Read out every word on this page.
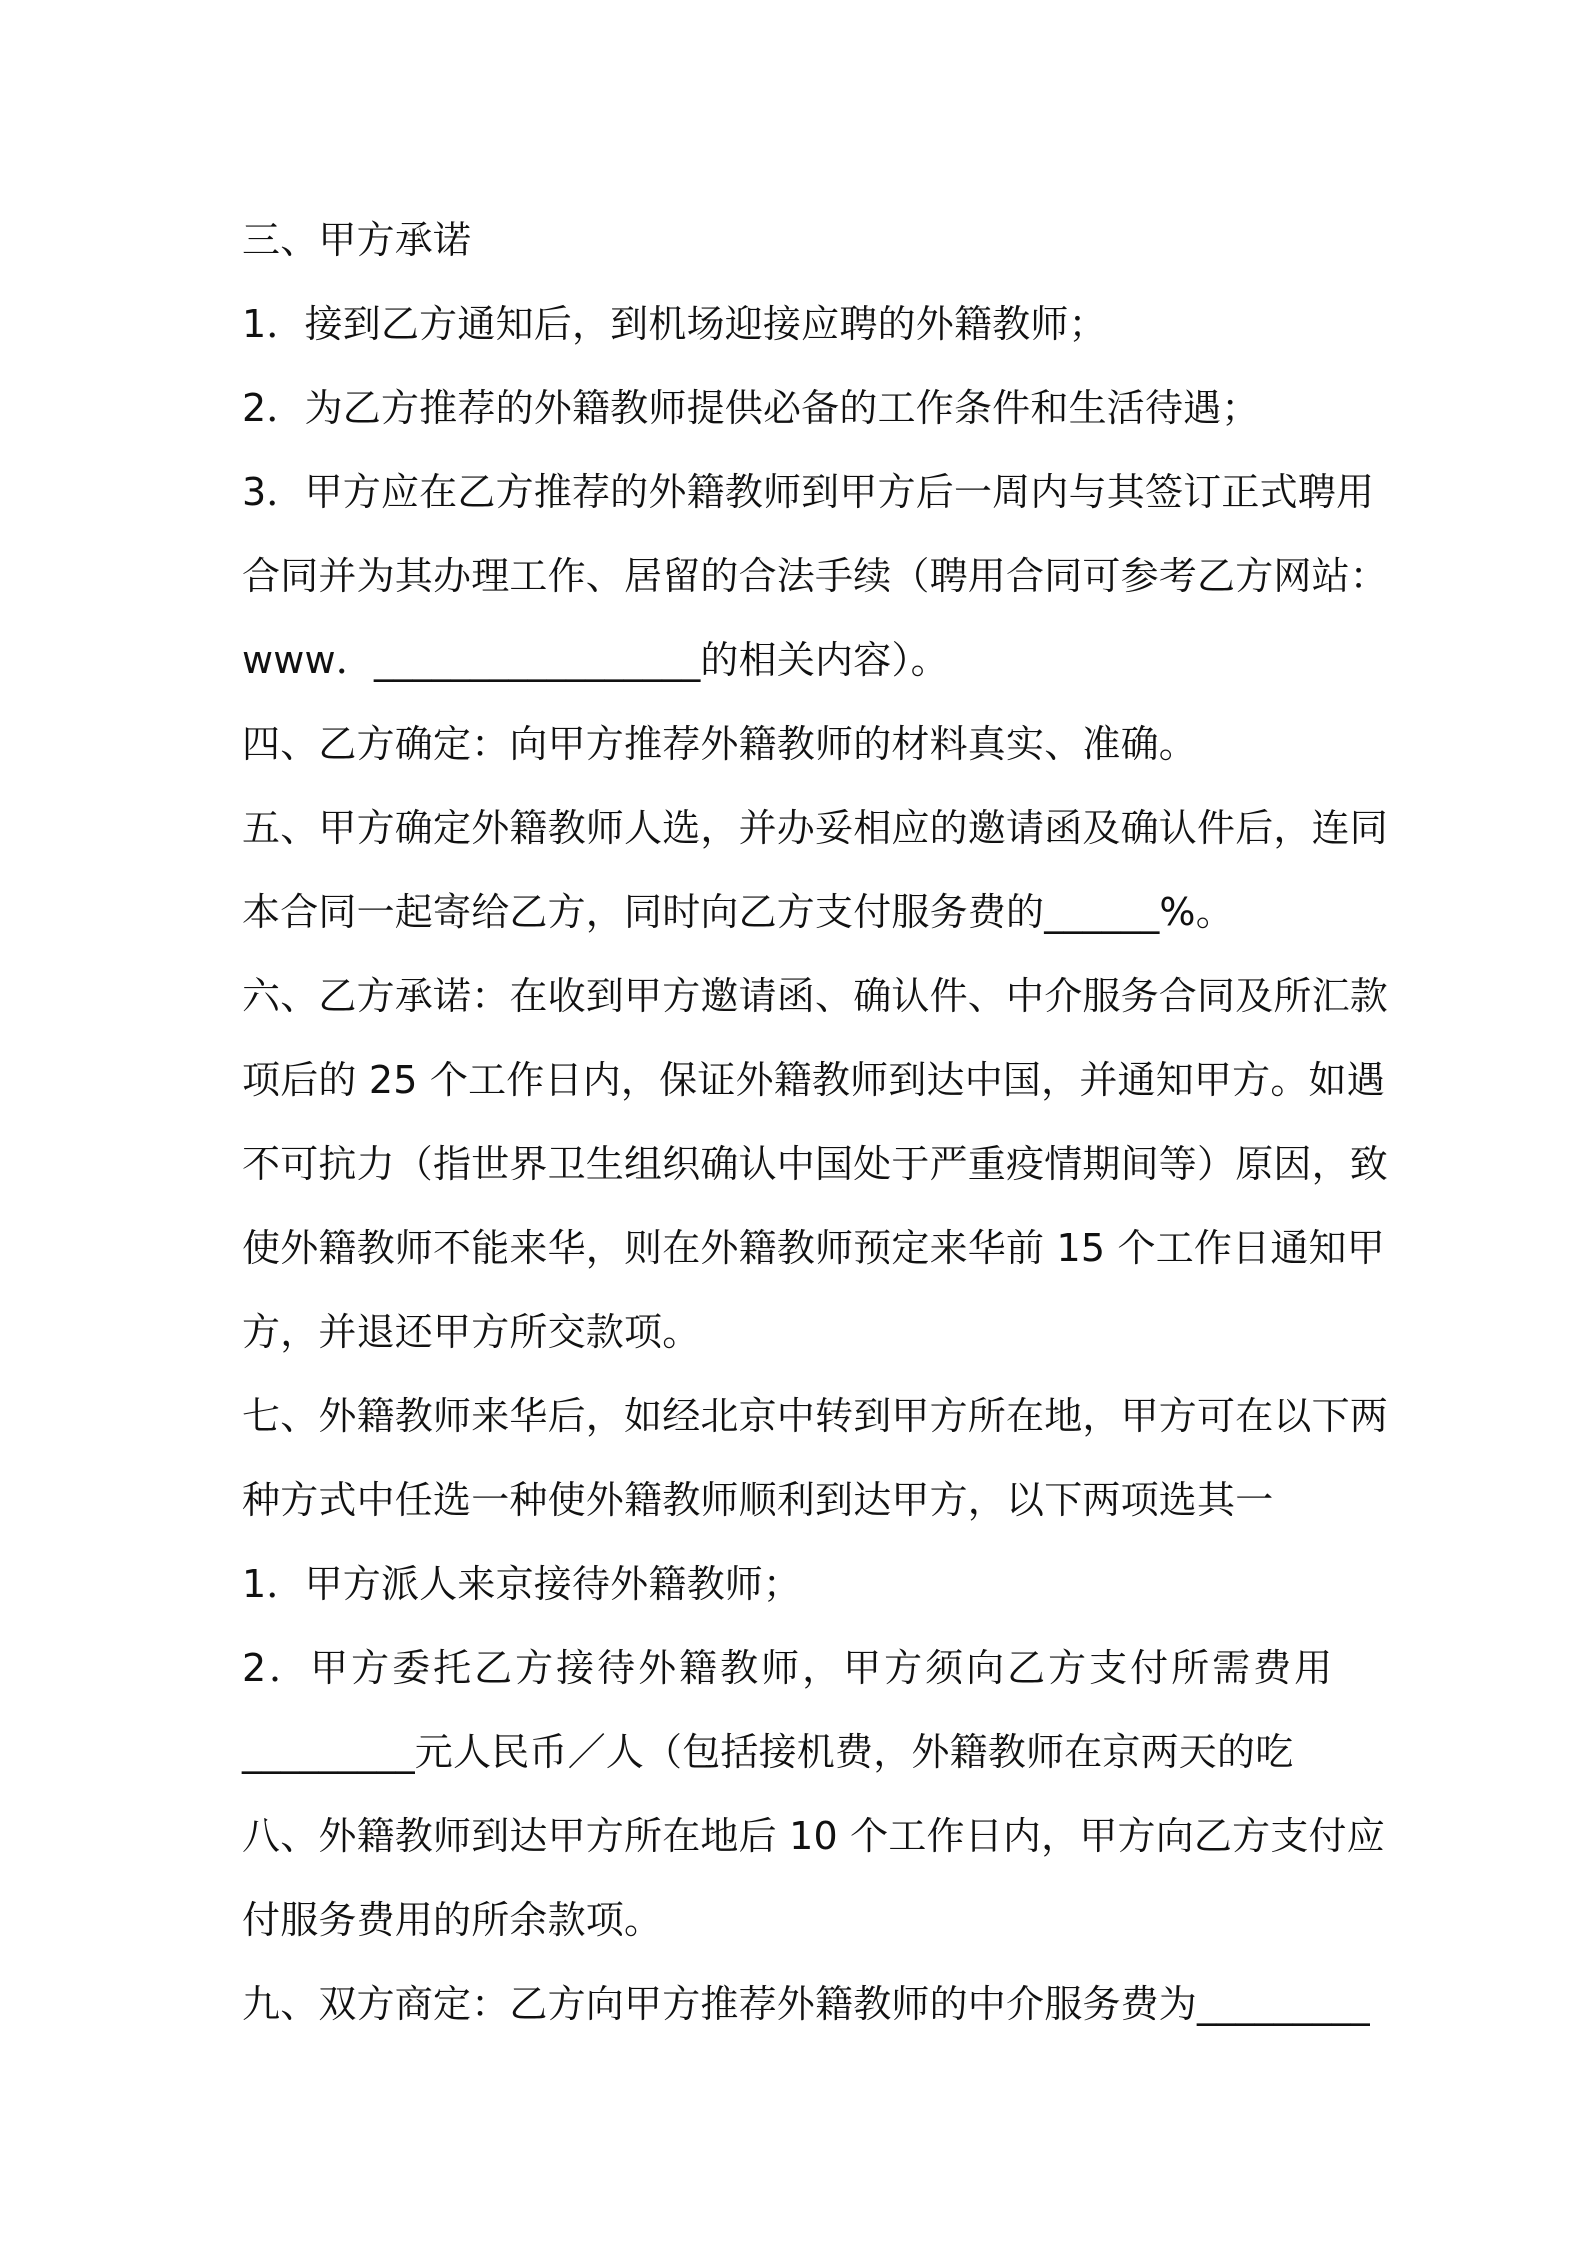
三、甲方承诺
1．接到乙方通知后，到机场迎接应聘的外籍教师；
2．为乙方推荐的外籍教师提供必备的工作条件和生活待遇；
3．甲方应在乙方推荐的外籍教师到甲方后一周内与其签订正式聘用
合同并为其办理工作、居留的合法手续（聘用合同可参考乙方网站：
www．_________________的相关内容）。
四、乙方确定：向甲方推荐外籍教师的材料真实、准确。
五、甲方确定外籍教师人选，并办妥相应的邀请函及确认件后，连同
本合同一起寄给乙方，同时向乙方支付服务费的______%。
六、乙方承诺：在收到甲方邀请函、确认件、中介服务合同及所汇款
项后的 25 个工作日内，保证外籍教师到达中国，并通知甲方。如遇
不可抗力（指世界卫生组织确认中国处于严重疫情期间等）原因，致
使外籍教师不能来华，则在外籍教师预定来华前 15 个工作日通知甲
方，并退还甲方所交款项。
七、外籍教师来华后，如经北京中转到甲方所在地，甲方可在以下两
种方式中任选一种使外籍教师顺利到达甲方，以下两项选其一
1．甲方派人来京接待外籍教师；
2．甲方委托乙方接待外籍教师，甲方须向乙方支付所需费用
_________元人民币／人（包括接机费，外籍教师在京两天的吃
八、外籍教师到达甲方所在地后 10 个工作日内，甲方向乙方支付应
付服务费用的所余款项。
九、双方商定：乙方向甲方推荐外籍教师的中介服务费为_________
